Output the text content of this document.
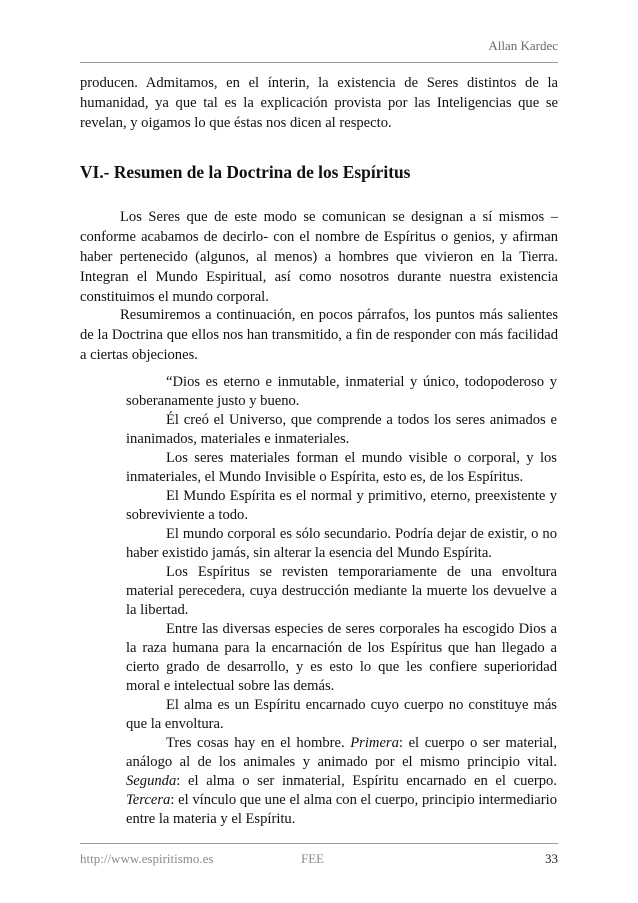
Allan Kardec

producen. Admitamos, en el ínterin, la existencia de Seres distintos de la humanidad, ya que tal es la explicación provista por las Inteligencias que se revelan, y oigamos lo que éstas nos dicen al respecto.

VI.- Resumen de la Doctrina de los Espíritus

Los Seres que de este modo se comunican se designan a sí mismos – conforme acabamos de decirlo- con el nombre de Espíritus o genios, y afirman haber pertenecido (algunos, al menos) a hombres que vivieron en la Tierra. Integran el Mundo Espiritual, así como nosotros durante nuestra existencia constituimos el mundo corporal.

Resumiremos a continuación, en pocos párrafos, los puntos más salientes de la Doctrina que ellos nos han transmitido, a fin de responder con más facilidad a ciertas objeciones.

“Dios es eterno e inmutable, inmaterial y único, todopoderoso y soberanamente justo y bueno.

Él creó el Universo, que comprende a todos los seres animados e inanimados, materiales e inmateriales.

Los seres materiales forman el mundo visible o corporal, y los inmateriales, el Mundo Invisible o Espírita, esto es, de los Espíritus.

El Mundo Espírita es el normal y primitivo, eterno, preexistente y sobreviviente a todo.

El mundo corporal es sólo secundario. Podría dejar de existir, o no haber existido jamás, sin alterar la esencia del Mundo Espírita.

Los Espíritus se revisten temporariamente de una envoltura material perecedera, cuya destrucción mediante la muerte los devuelve a la libertad.

Entre las diversas especies de seres corporales ha escogido Dios a la raza humana para la encarnación de los Espíritus que han llegado a cierto grado de desarrollo, y es esto lo que les confiere superioridad moral e intelectual sobre las demás.

El alma es un Espíritu encarnado cuyo cuerpo no constituye más que la envoltura.

Tres cosas hay en el hombre. Primera: el cuerpo o ser material, análogo al de los animales y animado por el mismo principio vital. Segunda: el alma o ser inmaterial, Espíritu encarnado en el cuerpo. Tercera: el vínculo que une el alma con el cuerpo, principio intermediario entre la materia y el Espíritu.

http://www.espiritismo.es	FEE	33
